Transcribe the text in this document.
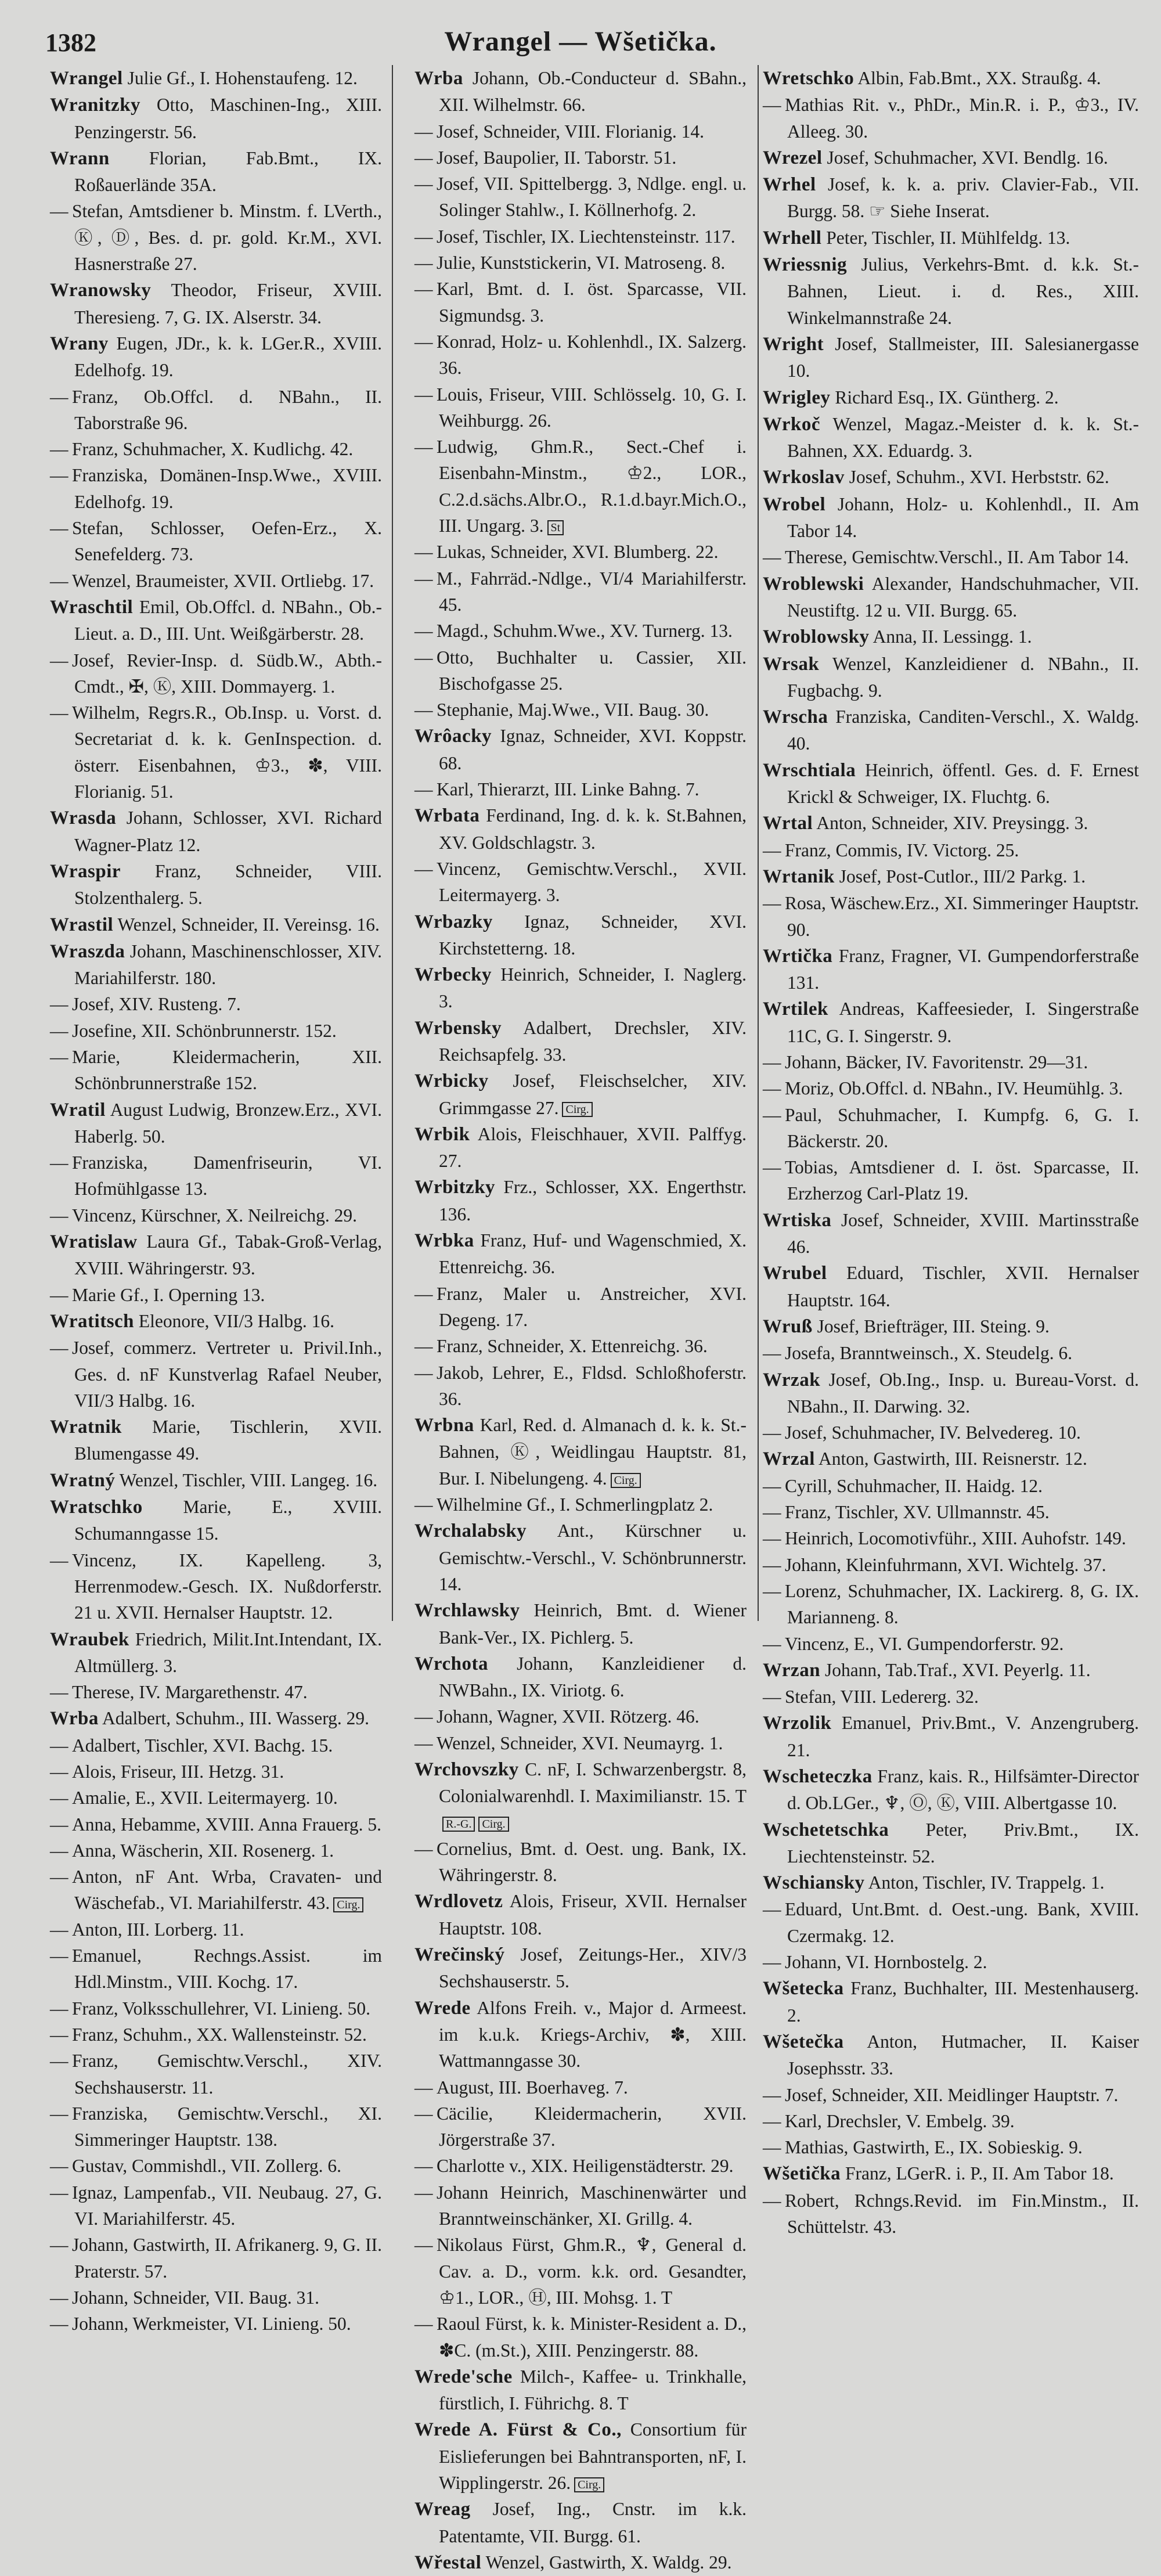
1382	Wrangel — Wšetička.
Wrangel Julie Gf., I. Hohenstaufeng. 12.
Wranitzky Otto, Maschinen-Ing., XIII. Penzingerstr. 56.
Wrann Florian, Fab.Bmt., IX. Roßauerlände 35A.
— Stefan, Amtsdiener b. Minstm. f. LVerth., Ⓚ, Ⓓ, Bes. d. pr. gold. Kr.M., XVI. Hasnerstraße 27.
Wranowsky Theodor, Friseur, XVIII. Theresieng. 7, G. IX. Alserstr. 34.
Wrany Eugen, JDr., k. k. LGer.R., XVIII. Edelhofg. 19.
— Franz, Ob.Offcl. d. NBahn., II. Taborstraße 96.
— Franz, Schuhmacher, X. Kudlichg. 42.
— Franziska, Domänen-Insp.Wwe., XVIII. Edelhofg. 19.
— Stefan, Schlosser, Oefen-Erz., X. Senefelderg. 73.
— Wenzel, Braumeister, XVII. Ortliebg. 17.
Wraschtil Emil, Ob.Offcl. d. NBahn., Ob.-Lieut. a. D., III. Unt. Weißgärberstr. 28.
— Josef, Revier-Insp. d. Südb.W., Abth.-Cmdt., ✠, Ⓚ, XIII. Dommayerg. 1.
— Wilhelm, Regrs.R., Ob.Insp. u. Vorst. d. Secretariat d. k. k. GenInspection. d. österr. Eisenbahnen, ♔3., ✽, VIII. Florianig. 51.
Wrasda Johann, Schlosser, XVI. Richard Wagner-Platz 12.
Wraspir Franz, Schneider, VIII. Stolzenthalerg. 5.
Wrastil Wenzel, Schneider, II. Vereinsg. 16.
Wraszda Johann, Maschinenschlosser, XIV. Mariahilferstr. 180.
— Josef, XIV. Rusteng. 7.
— Josefine, XII. Schönbrunnerstr. 152.
— Marie, Kleidermacherin, XII. Schönbrunnerstraße 152.
Wratil August Ludwig, Bronzew.Erz., XVI. Haberlg. 50.
— Franziska, Damenfriseurin, VI. Hofmühlgasse 13.
— Vincenz, Kürschner, X. Neilreichg. 29.
Wratislaw Laura Gf., Tabak-Groß-Verlag, XVIII. Währingerstr. 93.
— Marie Gf., I. Operning 13.
Wratitsch Eleonore, VII/3 Halbg. 16.
— Josef, commerz. Vertreter u. Privil.Inh., Ges. d. nF Kunstverlag Rafael Neuber, VII/3 Halbg. 16.
Wratnik Marie, Tischlerin, XVII. Blumengasse 49.
Wratný Wenzel, Tischler, VIII. Langeg. 16.
Wratschko Marie, E., XVIII. Schumanngasse 15.
— Vincenz, IX. Kapelleng. 3, Herrenmodew.-Gesch. IX. Nußdorferstr. 21 u. XVII. Hernalser Hauptstr. 12.
Wraubek Friedrich, Milit.Int.Intendant, IX. Altmüllerg. 3.
— Therese, IV. Margarethenstr. 47.
Wrba Adalbert, Schuhm., III. Wasserg. 29.
— Adalbert, Tischler, XVI. Bachg. 15.
— Alois, Friseur, III. Hetzg. 31.
— Amalie, E., XVII. Leitermayerg. 10.
— Anna, Hebamme, XVIII. Anna Frauerg. 5.
— Anna, Wäscherin, XII. Rosenerg. 1.
— Anton, nF Ant. Wrba, Cravaten- und Wäschefab., VI. Mariahilferstr. 43. Cirg.
— Anton, III. Lorberg. 11.
— Emanuel, Rechngs.Assist. im Hdl.Minstm., VIII. Kochg. 17.
— Franz, Volksschullehrer, VI. Linieng. 50.
— Franz, Schuhm., XX. Wallensteinstr. 52.
— Franz, Gemischtw.Verschl., XIV. Sechshauserstr. 11.
— Franziska, Gemischtw.Verschl., XI. Simmeringer Hauptstr. 138.
— Gustav, Commishdl., VII. Zollerg. 6.
— Ignaz, Lampenfab., VII. Neubaug. 27, G. VI. Mariahilferstr. 45.
— Johann, Gastwirth, II. Afrikanerg. 9, G. II. Praterstr. 57.
— Johann, Schneider, VII. Baug. 31.
— Johann, Werkmeister, VI. Linieng. 50.
Wrba Johann, Ob.-Conducteur d. SBahn., XII. Wilhelmstr. 66.
— Josef, Schneider, VIII. Florianig. 14.
— Josef, Baupolier, II. Taborstr. 51.
— Josef, VII. Spittelbergg. 3, Ndlge. engl. u. Solinger Stahlw., I. Köllnerhofg. 2.
— Josef, Tischler, IX. Liechtensteinstr. 117.
— Julie, Kunststickerin, VI. Matroseng. 8.
— Karl, Bmt. d. I. öst. Sparcasse, VII. Sigmundsg. 3.
— Konrad, Holz- u. Kohlenhdl., IX. Salzerg. 36.
— Louis, Friseur, VIII. Schlösselg. 10, G. I. Weihburgg. 26.
— Ludwig, Ghm.R., Sect.-Chef i. Eisenbahn-Minstm., ♔2., LOR., C.2.d.sächs.Albr.O., R.1.d.bayr.Mich.O., III. Ungarg. 3. St
— Lukas, Schneider, XVI. Blumberg. 22.
— M., Fahrräd.-Ndlge., VI/4 Mariahilferstr. 45.
— Magd., Schuhm.Wwe., XV. Turnerg. 13.
— Otto, Buchhalter u. Cassier, XII. Bischofgasse 25.
— Stephanie, Maj.Wwe., VII. Baug. 30.
Wrôacky Ignaz, Schneider, XVI. Koppstr. 68.
— Karl, Thierarzt, III. Linke Bahng. 7.
Wrbata Ferdinand, Ing. d. k. k. St.Bahnen, XV. Goldschlagstr. 3.
— Vincenz, Gemischtw.Verschl., XVII. Leitermayerg. 3.
Wrbazky Ignaz, Schneider, XVI. Kirchstetterng. 18.
Wrbecky Heinrich, Schneider, I. Naglerg. 3.
Wrbensky Adalbert, Drechsler, XIV. Reichsapfelg. 33.
Wrbicky Josef, Fleischselcher, XIV. Grimmgasse 27. Cirg.
Wrbik Alois, Fleischhauer, XVII. Palffyg. 27.
Wrbitzky Frz., Schlosser, XX. Engerthstr. 136.
Wrbka Franz, Huf- und Wagenschmied, X. Ettenreichg. 36.
— Franz, Maler u. Anstreicher, XVI. Degeng. 17.
— Franz, Schneider, X. Ettenreichg. 36.
— Jakob, Lehrer, E., Fldsd. Schloßhoferstr. 36.
Wrbna Karl, Red. d. Almanach d. k. k. St.-Bahnen, Ⓚ, Weidlingau Hauptstr. 81, Bur. I. Nibelungeng. 4. Cirg.
— Wilhelmine Gf., I. Schmerlingplatz 2.
Wrchalabsky Ant., Kürschner u. Gemischtw.-Verschl., V. Schönbrunnerstr. 14.
Wrchlawsky Heinrich, Bmt. d. Wiener Bank-Ver., IX. Pichlerg. 5.
Wrchota Johann, Kanzleidiener d. NWBahn., IX. Viriotg. 6.
— Johann, Wagner, XVII. Rötzerg. 46.
— Wenzel, Schneider, XVI. Neumayrg. 1.
Wrchovszky C. nF, I. Schwarzenbergstr. 8, Colonialwarenhdl. I. Maximilianstr. 15. TR.-G. Cirg.
— Cornelius, Bmt. d. Oest. ung. Bank, IX. Währingerstr. 8.
Wrdlovetz Alois, Friseur, XVII. Hernalser Hauptstr. 108.
Wrečinský Josef, Zeitungs-Her., XIV/3 Sechshauserstr. 5.
Wrede Alfons Freih. v., Major d. Armeest. im k.u.k. Kriegs-Archiv, ✽, XIII. Wattmanngasse 30.
— August, III. Boerhaveg. 7.
— Cäcilie, Kleidermacherin, XVII. Jörgerstraße 37.
— Charlotte v., XIX. Heiligenstädterstr. 29.
— Johann Heinrich, Maschinenwärter und Branntweinschänker, XI. Grillg. 4.
— Nikolaus Fürst, Ghm.R., ♆, General d. Cav. a. D., vorm. k.k. ord. Gesandter, ♔1., LOR., Ⓗ, III. Mohsg. 1. T
— Raoul Fürst, k. k. Minister-Resident a. D., ✽C. (m.St.), XIII. Penzingerstr. 88.
Wrede'sche Milch-, Kaffee- u. Trinkhalle, fürstlich, I. Führichg. 8. T
Wrede A. Fürst & Co., Consortium für Eislieferungen bei Bahntransporten, nF, I. Wipplingerstr. 26. Cirg.
Wreag Josef, Ing., Cnstr. im k.k. Patentamte, VII. Burgg. 61.
Wřestal Wenzel, Gastwirth, X. Waldg. 29.
Wretschko Albin, Fab.Bmt., XX. Straußg. 4.
— Mathias Rit. v., PhDr., Min.R. i. P., ♔3., IV. Alleeg. 30.
Wrezel Josef, Schuhmacher, XVI. Bendlg. 16.
Wrhel Josef, k. k. a. priv. Clavier-Fab., VII. Burgg. 58. ☞ Siehe Inserat.
Wrhell Peter, Tischler, II. Mühlfeldg. 13.
Wriessnig Julius, Verkehrs-Bmt. d. k.k. St.-Bahnen, Lieut. i. d. Res., XIII. Winkelmannstraße 24.
Wright Josef, Stallmeister, III. Salesianergasse 10.
Wrigley Richard Esq., IX. Güntherg. 2.
Wrkoč Wenzel, Magaz.-Meister d. k. k. St.-Bahnen, XX. Eduardg. 3.
Wrkoslav Josef, Schuhm., XVI. Herbststr. 62.
Wrobel Johann, Holz- u. Kohlenhdl., II. Am Tabor 14.
— Therese, Gemischtw.Verschl., II. Am Tabor 14.
Wroblewski Alexander, Handschuhmacher, VII. Neustiftg. 12 u. VII. Burgg. 65.
Wroblowsky Anna, II. Lessingg. 1.
Wrsak Wenzel, Kanzleidiener d. NBahn., II. Fugbachg. 9.
Wrscha Franziska, Canditen-Verschl., X. Waldg. 40.
Wrschtiala Heinrich, öffentl. Ges. d. F. Ernest Krickl & Schweiger, IX. Fluchtg. 6.
Wrtal Anton, Schneider, XIV. Preysingg. 3.
— Franz, Commis, IV. Victorg. 25.
Wrtanik Josef, Post-Cutlor., III/2 Parkg. 1.
— Rosa, Wäschew.Erz., XI. Simmeringer Hauptstr. 90.
Wrtička Franz, Fragner, VI. Gumpendorferstraße 131.
Wrtilek Andreas, Kaffeesieder, I. Singerstraße 11C, G. I. Singerstr. 9.
— Johann, Bäcker, IV. Favoritenstr. 29—31.
— Moriz, Ob.Offcl. d. NBahn., IV. Heumühlg. 3.
— Paul, Schuhmacher, I. Kumpfg. 6, G. I. Bäckerstr. 20.
— Tobias, Amtsdiener d. I. öst. Sparcasse, II. Erzherzog Carl-Platz 19.
Wrtiska Josef, Schneider, XVIII. Martinsstraße 46.
Wrubel Eduard, Tischler, XVII. Hernalser Hauptstr. 164.
Wruß Josef, Briefträger, III. Steing. 9.
— Josefa, Branntweinsch., X. Steudelg. 6.
Wrzak Josef, Ob.Ing., Insp. u. Bureau-Vorst. d. NBahn., II. Darwing. 32.
— Josef, Schuhmacher, IV. Belvedereg. 10.
Wrzal Anton, Gastwirth, III. Reisnerstr. 12.
— Cyrill, Schuhmacher, II. Haidg. 12.
— Franz, Tischler, XV. Ullmannstr. 45.
— Heinrich, Locomotivführ., XIII. Auhofstr. 149.
— Johann, Kleinfuhrmann, XVI. Wichtelg. 37.
— Lorenz, Schuhmacher, IX. Lackirerg. 8, G. IX. Marianneng. 8.
— Vincenz, E., VI. Gumpendorferstr. 92.
Wrzan Johann, Tab.Traf., XVI. Peyerlg. 11.
— Stefan, VIII. Ledererg. 32.
Wrzolik Emanuel, Priv.Bmt., V. Anzengruberg. 21.
Wscheteczka Franz, kais. R., Hilfsämter-Director d. Ob.LGer., ♆, Ⓞ, Ⓚ, VIII. Albertgasse 10.
Wschetetschka Peter, Priv.Bmt., IX. Liechtensteinstr. 52.
Wschiansky Anton, Tischler, IV. Trappelg. 1.
— Eduard, Unt.Bmt. d. Oest.-ung. Bank, XVIII. Czermakg. 12.
— Johann, VI. Hornbostelg. 2.
Wšetecka Franz, Buchhalter, III. Mestenhauserg. 2.
Wšetečka Anton, Hutmacher, II. Kaiser Josephsstr. 33.
— Josef, Schneider, XII. Meidlinger Hauptstr. 7.
— Karl, Drechsler, V. Embelg. 39.
— Mathias, Gastwirth, E., IX. Sobieskig. 9.
Wšetička Franz, LGerR. i. P., II. Am Tabor 18.
— Robert, Rchngs.Revid. im Fin.Minstm., II. Schüttelstr. 43.
